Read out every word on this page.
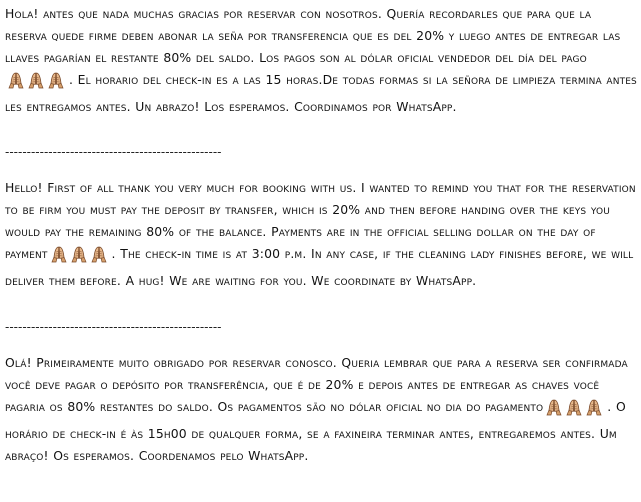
Hola! antes que nada muchas gracias por reservar con nosotros. Quería recordarles que para que la reserva quede firme deben abonar la seña por transferencia que es del 20% y luego antes de entregar las llaves pagarían el restante 80% del saldo. Los pagos son al dólar oficial vendedor del día del pago
. El horario del check-in es a las 15 horas.De todas formas si la señora de limpieza termina antes les entregamos antes. Un abrazo! Los esperamos. Coordinamos por WhatsApp.

--------------------------------------------------

Hello! First of all thank you very much for booking with us. I wanted to remind you that for the reservation to be firm you must pay the deposit by transfer, which is 20% and then before handing over the keys you would pay the remaining 80% of the balance. Payments are in the official selling dollar on the day of payment	. The check-in time is at 3:00 p.m. In any case, if the cleaning lady finishes before, we will deliver them before. A hug! We are waiting for you. We coordinate by WhatsApp.

--------------------------------------------------

Olá! Primeiramente muito obrigado por reservar conosco. Queria lembrar que para a reserva ser confirmada você deve pagar o depósito por transferência, que é de 20% e depois antes de entregar as chaves você pagaria os 80% restantes do saldo. Os pagamentos são no dólar oficial no dia do pagamento	. O horário de check-in é às 15h00 de qualquer forma, se a faxineira terminar antes, entregaremos antes. Um abraço! Os esperamos. Coordenamos pelo WhatsApp.
